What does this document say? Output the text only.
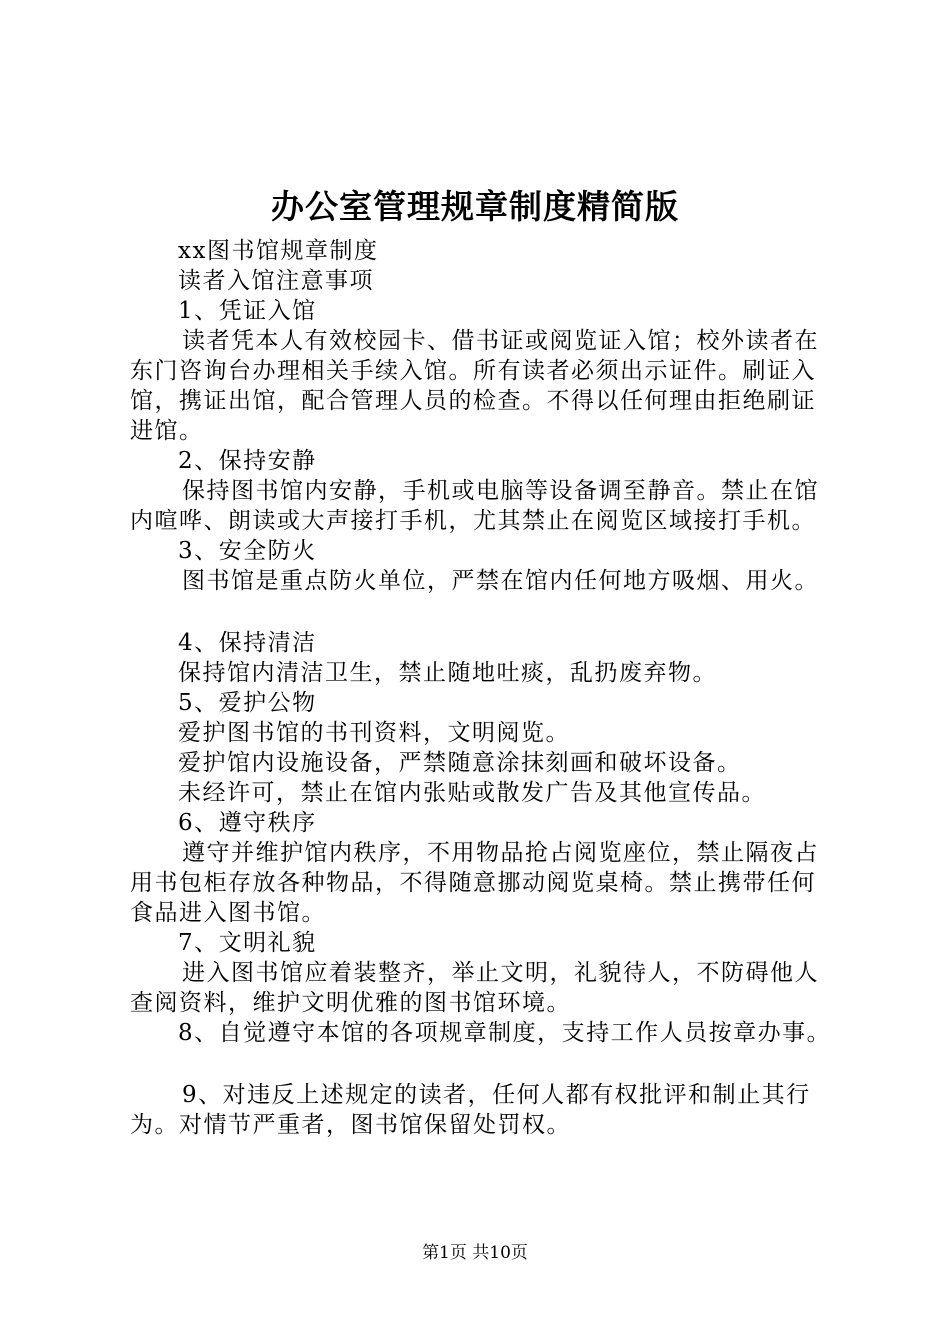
办公室管理规章制度精简版

xx图书馆规章制度

读者入馆注意事项

1、凭证入馆

读者凭本人有效校园卡、借书证或阅览证入馆；校外读者在东门咨询台办理相关手续入馆。所有读者必须出示证件。刷证入馆，携证出馆，配合管理人员的检查。不得以任何理由拒绝刷证进馆。

2、保持安静

保持图书馆内安静，手机或电脑等设备调至静音。禁止在馆内喧哗、朗读或大声接打手机，尤其禁止在阅览区域接打手机。

3、安全防火

图书馆是重点防火单位，严禁在馆内任何地方吸烟、用火。

4、保持清洁

保持馆内清洁卫生，禁止随地吐痰，乱扔废弃物。

5、爱护公物

爱护图书馆的书刊资料，文明阅览。

爱护馆内设施设备，严禁随意涂抹刻画和破坏设备。

未经许可，禁止在馆内张贴或散发广告及其他宣传品。

6、遵守秩序

遵守并维护馆内秩序，不用物品抢占阅览座位，禁止隔夜占用书包柜存放各种物品，不得随意挪动阅览桌椅。禁止携带任何食品进入图书馆。

7、文明礼貌

进入图书馆应着装整齐，举止文明，礼貌待人，不防碍他人查阅资料，维护文明优雅的图书馆环境。

8、自觉遵守本馆的各项规章制度，支持工作人员按章办事。

9、对违反上述规定的读者，任何人都有权批评和制止其行为。对情节严重者，图书馆保留处罚权。

第1页 共10页
